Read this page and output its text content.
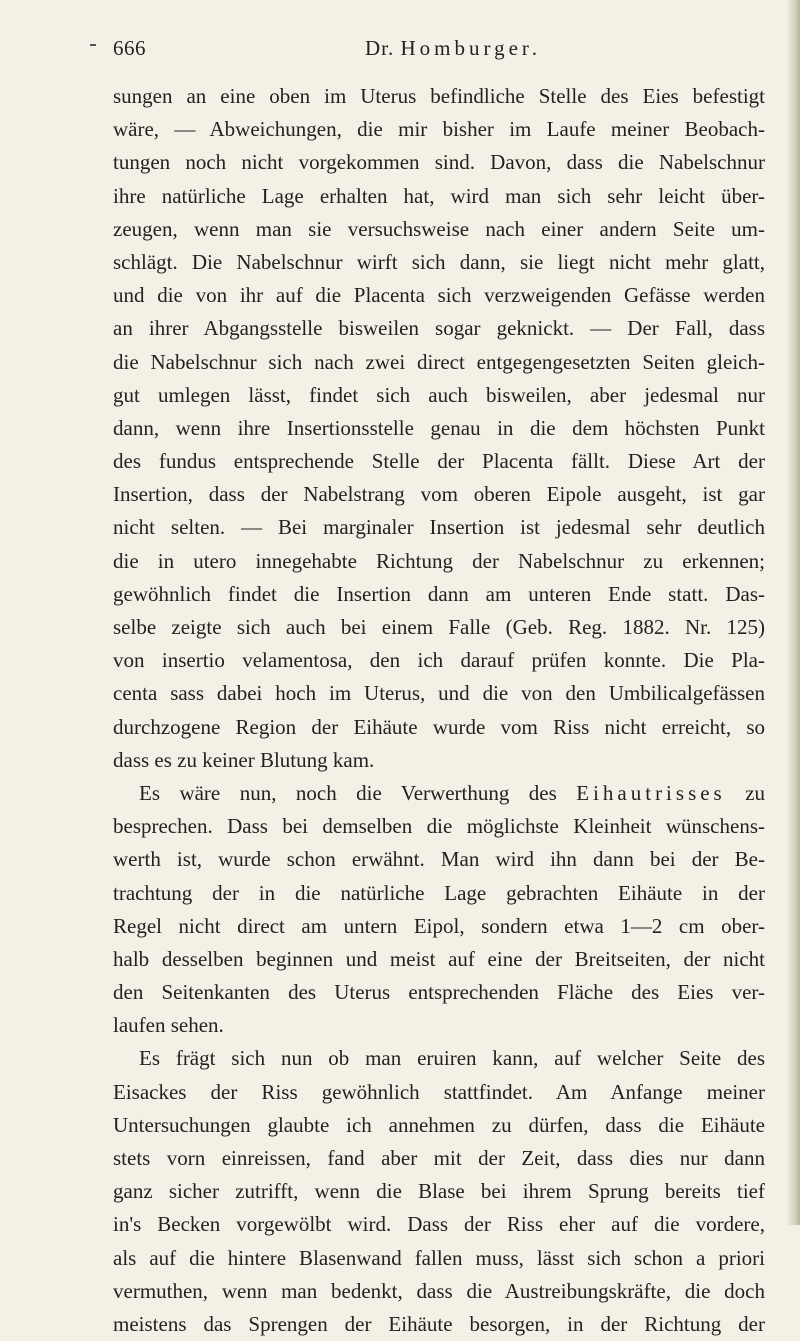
666	Dr. Homburger.
sungen an eine oben im Uterus befindliche Stelle des Eies befestigt
wäre, — Abweichungen, die mir bisher im Laufe meiner Beobach-
tungen noch nicht vorgekommen sind. Davon, dass die Nabelschnur
ihre natürliche Lage erhalten hat, wird man sich sehr leicht über-
zeugen, wenn man sie versuchsweise nach einer andern Seite um-
schlägt. Die Nabelschnur wirft sich dann, sie liegt nicht mehr glatt,
und die von ihr auf die Placenta sich verzweigenden Gefässe werden
an ihrer Abgangsstelle bisweilen sogar geknickt. — Der Fall, dass
die Nabelschnur sich nach zwei direct entgegengesetzten Seiten gleich-
gut umlegen lässt, findet sich auch bisweilen, aber jedesmal nur
dann, wenn ihre Insertionsstelle genau in die dem höchsten Punkt
des fundus entsprechende Stelle der Placenta fällt. Diese Art der
Insertion, dass der Nabelstrang vom oberen Eipole ausgeht, ist gar
nicht selten. — Bei marginaler Insertion ist jedesmal sehr deutlich
die in utero innegehabte Richtung der Nabelschnur zu erkennen;
gewöhnlich findet die Insertion dann am unteren Ende statt. Das-
selbe zeigte sich auch bei einem Falle (Geb. Reg. 1882. Nr. 125)
von insertio velamentosa, den ich darauf prüfen konnte. Die Pla-
centa sass dabei hoch im Uterus, und die von den Umbilicalgefässen
durchzogene Region der Eihäute wurde vom Riss nicht erreicht, so
dass es zu keiner Blutung kam.
Es wäre nun, noch die Verwerthung des Eihautrisses zu
besprechen. Dass bei demselben die möglichste Kleinheit wünschens-
werth ist, wurde schon erwähnt. Man wird ihn dann bei der Be-
trachtung der in die natürliche Lage gebrachten Eihäute in der
Regel nicht direct am untern Eipol, sondern etwa 1—2 cm ober-
halb desselben beginnen und meist auf eine der Breitseiten, der nicht
den Seitenkanten des Uterus entsprechenden Fläche des Eies ver-
laufen sehen.
Es frägt sich nun ob man eruiren kann, auf welcher Seite des
Eisackes der Riss gewöhnlich stattfindet. Am Anfange meiner
Untersuchungen glaubte ich annehmen zu dürfen, dass die Eihäute
stets vorn einreissen, fand aber mit der Zeit, dass dies nur dann
ganz sicher zutrifft, wenn die Blase bei ihrem Sprung bereits tief
in's Becken vorgewölbt wird. Dass der Riss eher auf die vordere,
als auf die hintere Blasenwand fallen muss, lässt sich schon a priori
vermuthen, wenn man bedenkt, dass die Austreibungskräfte, die doch
meistens das Sprengen der Eihäute besorgen, in der Richtung der
